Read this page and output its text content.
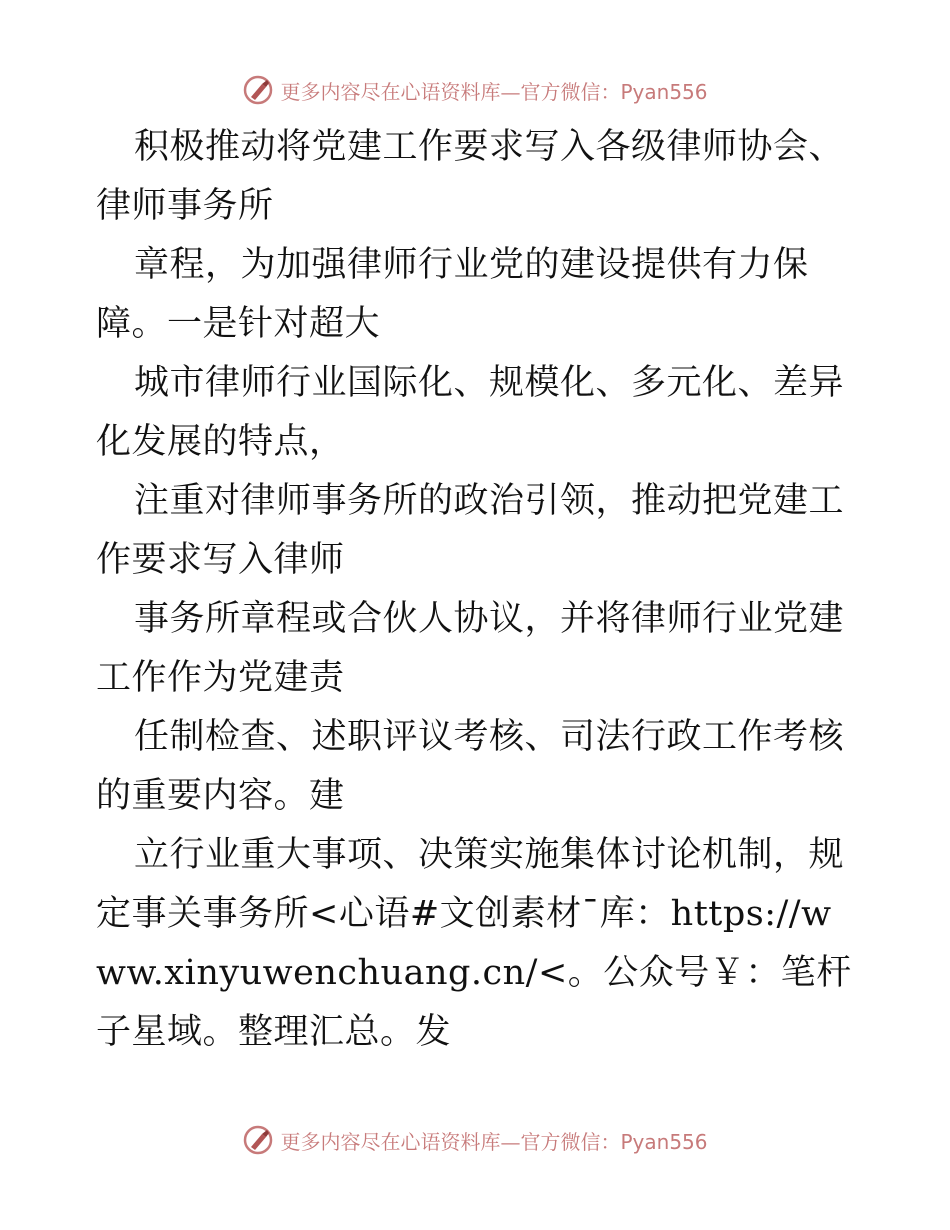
更多内容尽在心语资料库—官方微信：Pyan556

积极推动将党建工作要求写入各级律师协会、律师事务所

章程，为加强律师行业党的建设提供有力保障。一是针对超大

城市律师行业国际化、规模化、多元化、差异化发展的特点，

注重对律师事务所的政治引领，推动把党建工作要求写入律师

事务所章程或合伙人协议，并将律师行业党建工作作为党建责

任制检查、述职评议考核、司法行政工作考核的重要内容。建

立行业重大事项、决策实施集体讨论机制，规定事关事务所<心语#文创素材¯库：https://www.xinyuwenchuang.cn/<。公众号￥：笔杆子星域。整理汇总。发

更多内容尽在心语资料库—官方微信：Pyan556
